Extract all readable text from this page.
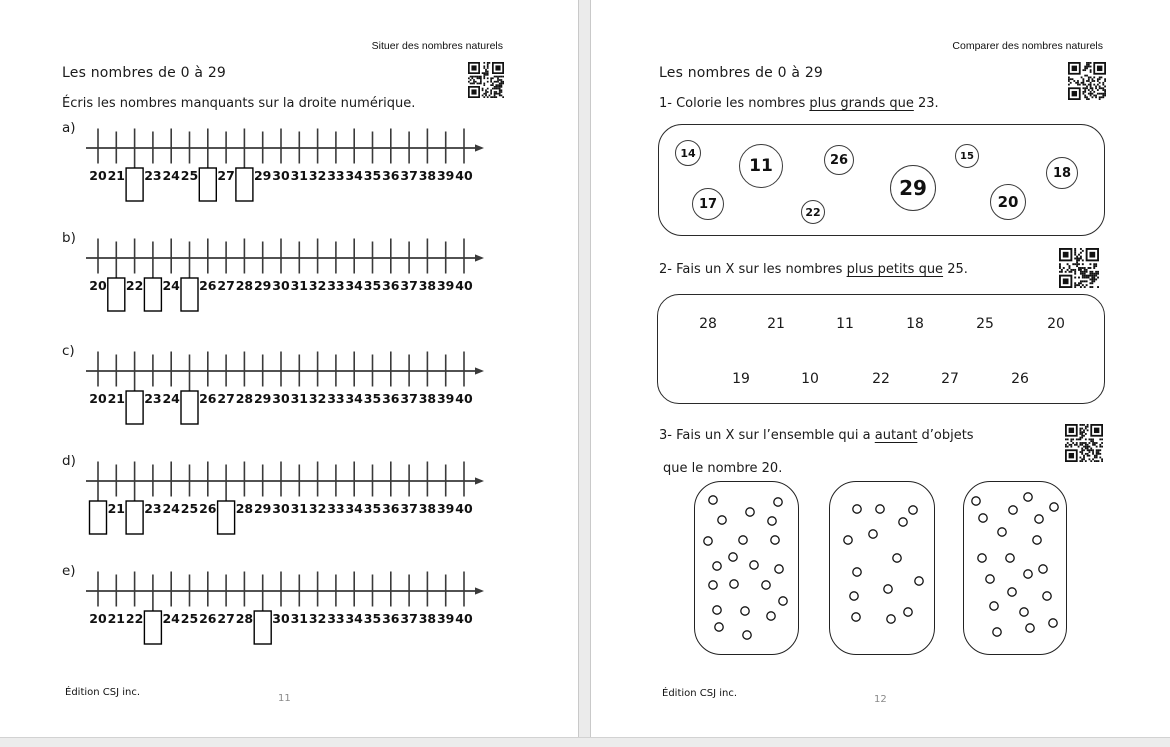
Situer des nombres naturels
Les nombres de 0 à 29
Écris les nombres manquants sur la droite numérique.
a)
20 21 23 24 25 27 29 30 31 32 33 34 35 36 37 38 39 40
b)
20 22 24 26 27 28 29 30 31 32 33 34 35 36 37 38 39 40
c)
20 21 23 24 26 27 28 29 30 31 32 33 34 35 36 37 38 39 40
d)
21 23 24 25 26 28 29 30 31 32 33 34 35 36 37 38 39 40
e)
20 21 22 24 25 26 27 28 30 31 32 33 34 35 36 37 38 39 40
Édition CSJ inc.
11
Comparer des nombres naturels
Les nombres de 0 à 29
1- Colorie les nombres plus grands que 23.
14
11	26	15
18
29
17
22
20
2- Fais un X sur les nombres plus petits que 25.
28	21	11	18	25	20
19	10	22	27	26
3- Fais un X sur l’ensemble qui a autant d’objets
que le nombre 20.
Édition CSJ inc.
12
